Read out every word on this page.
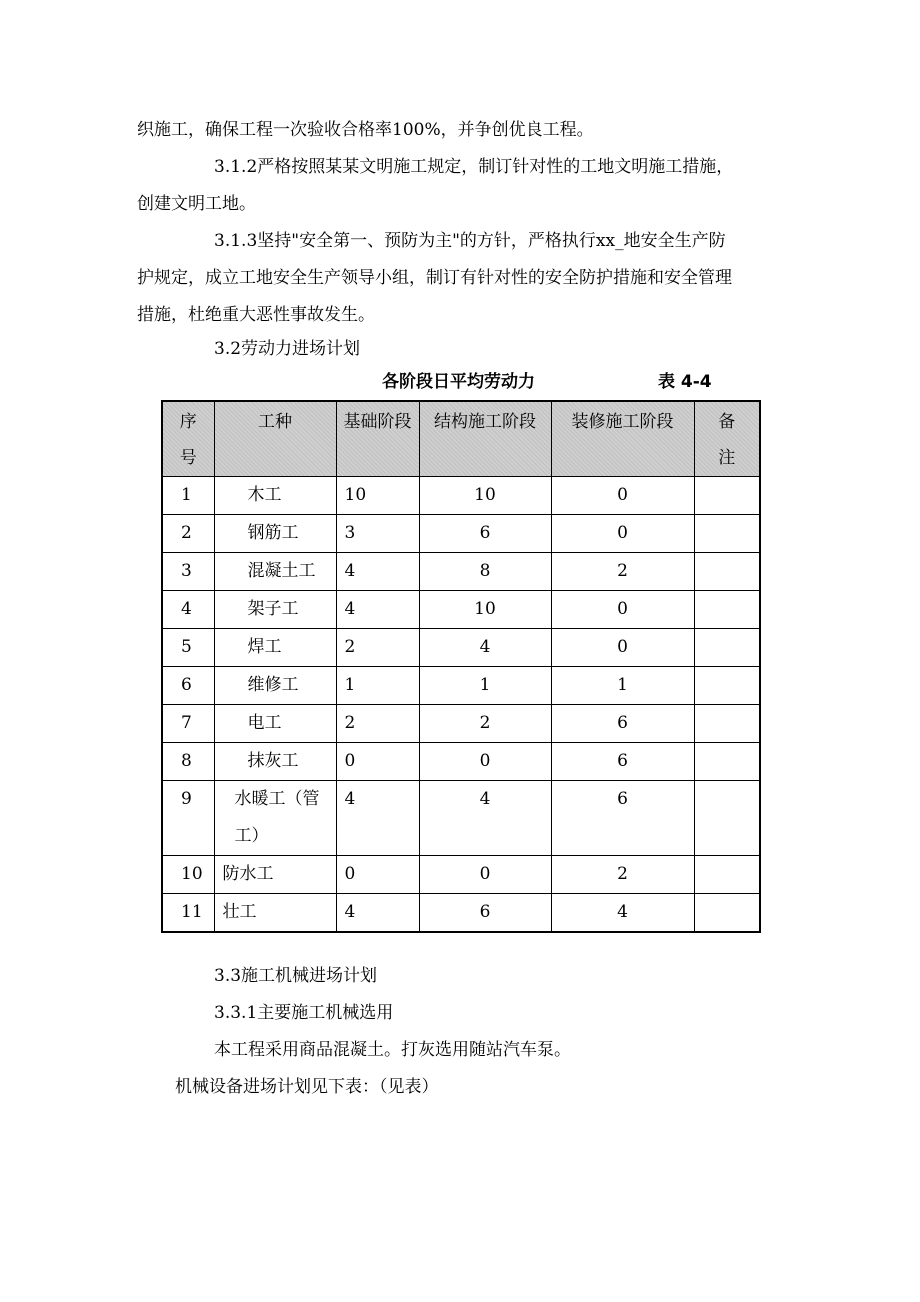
织施工，确保工程一次验收合格率100%，并争创优良工程。

3.1.2严格按照某某文明施工规定，制订针对性的工地文明施工措施，

创建文明工地。

3.1.3坚持"安全第一、预防为主"的方针，严格执行xx_地安全生产防

护规定，成立工地安全生产领导小组，制订有针对性的安全防护措施和安全管理

措施，杜绝重大恶性事故发生。

3.2劳动力进场计划

各阶段日平均劳动力	表 4-4
序号	工种	基础阶段	结构施工阶段	装修施工阶段	备注

1	木工	10	10	0	
2	钢筋工	3	6	0	
3	混凝土工	4	8	2	
4	架子工	4	10	0	
5	焊工	2	4	0	
6	维修工	1	1	1	
7	电工	2	2	6	
8	抹灰工	0	0	6	
9	水暖工（管工）	4	4	6	
10	防水工	0	0	2	
11	壮工	4	6	4	

3.3施工机械进场计划

3.3.1主要施工机械选用

本工程采用商品混凝土。打灰选用随站汽车泵。

机械设备进场计划见下表：（见表）
